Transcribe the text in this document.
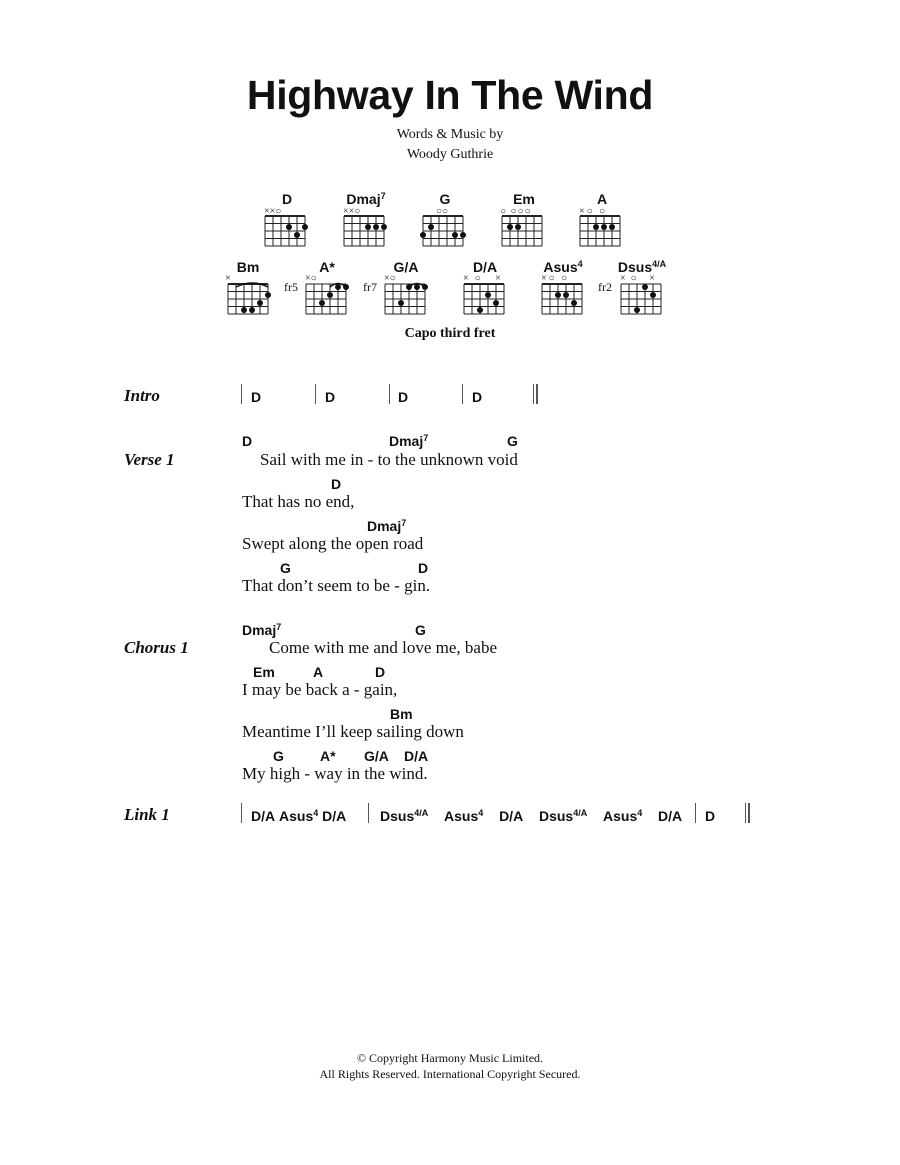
Highway In The Wind
Words & Music by
Woody Guthrie
D	Dmaj$^7$	G	Em	A
Bm	A*	G/A	D/A	Asus$^4$	Dsus$^{4/A}$
××○	××○	○○	○ ○○○	×○ ○
×	×○	×○	×○ ×	×○ ○	×○ ×
fr5	fr7	fr2
Capo third fret
Intro	D	D	D	D
Verse 1
D	Dmaj$^7$	G
Sail with me in - to the unknown void
D
That has no end,
Dmaj$^7$
Swept along the open road
G	D
That don’t seem to be - gin.
Chorus 1
Dmaj$^7$	G
Come with me and love me, babe
Em	A	D
I may be back a - gain,
Bm
Meantime I’ll keep sailing down
G	A* G/A D/A
My high - way in the wind.
Link 1	D/A Asus$^4$ D/A Dsus$^{4/A}$ Asus$^4$ D/A Dsus$^{4/A}$ Asus$^4$ D/A D
© Copyright Harmony Music Limited.
All Rights Reserved. International Copyright Secured.
